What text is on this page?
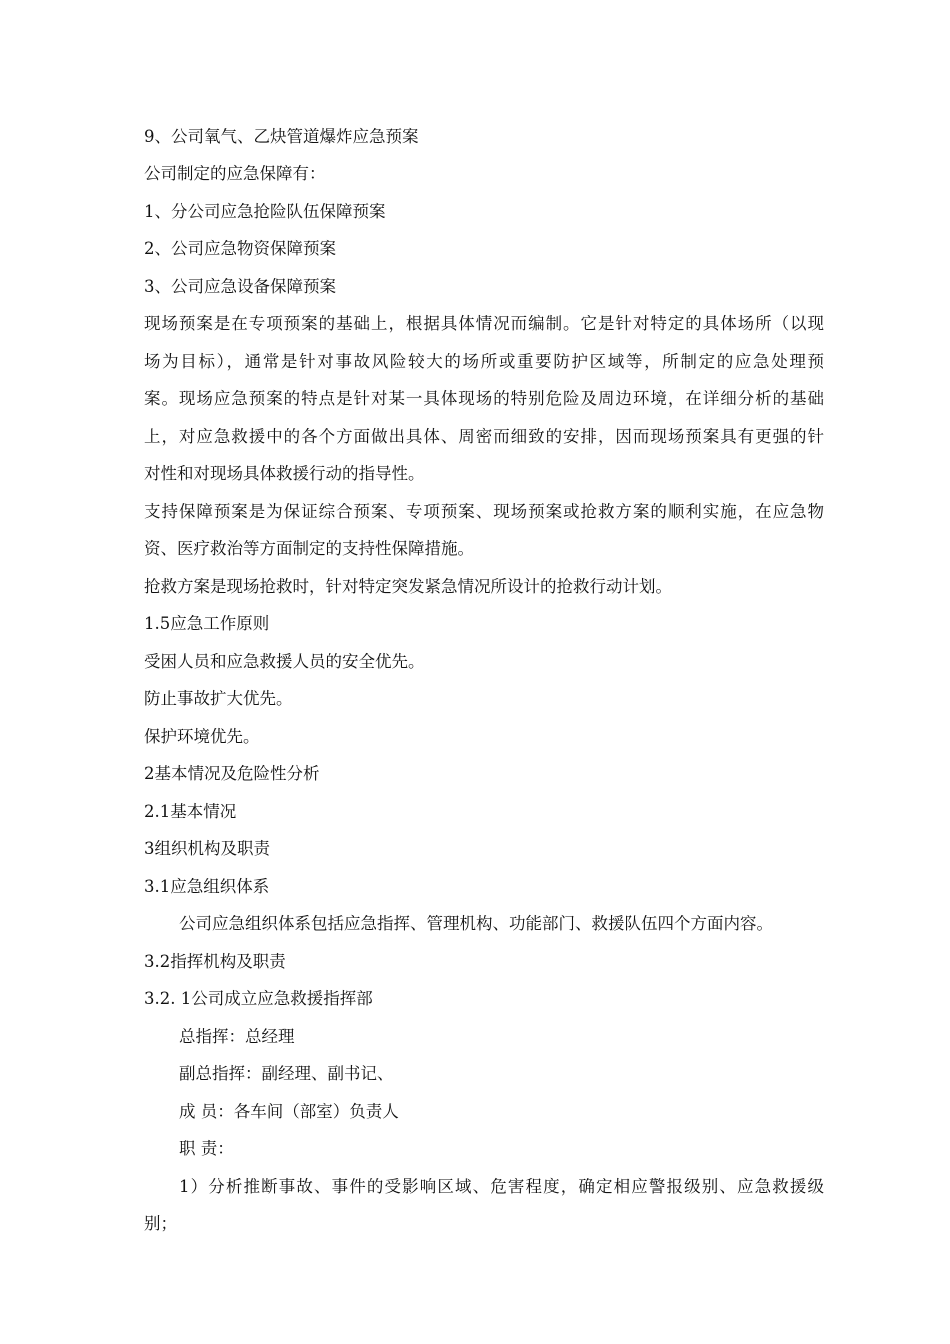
9、公司氧气、乙炔管道爆炸应急预案
公司制定的应急保障有：
1、分公司应急抢险队伍保障预案
2、公司应急物资保障预案
3、公司应急设备保障预案
现场预案是在专项预案的基础上，根据具体情况而编制。它是针对特定的具体场所（以现
场为目标），通常是针对事故风险较大的场所或重要防护区域等，所制定的应急处理预
案。现场应急预案的特点是针对某一具体现场的特别危险及周边环境，在详细分析的基础
上，对应急救援中的各个方面做出具体、周密而细致的安排，因而现场预案具有更强的针
对性和对现场具体救援行动的指导性。
支持保障预案是为保证综合预案、专项预案、现场预案或抢救方案的顺利实施，在应急物
资、医疗救治等方面制定的支持性保障措施。
抢救方案是现场抢救时，针对特定突发紧急情况所设计的抢救行动计划。
1.5应急工作原则
受困人员和应急救援人员的安全优先。
防止事故扩大优先。
保护环境优先。
2基本情况及危险性分析
2.1基本情况
3组织机构及职责
3.1应急组织体系
公司应急组织体系包括应急指挥、管理机构、功能部门、救援队伍四个方面内容。
3.2指挥机构及职责
3.2. 1公司成立应急救援指挥部
总指挥：总经理
副总指挥：副经理、副书记、
成 员：各车间（部室）负责人
职 责：
1）分析推断事故、事件的受影响区域、危害程度，确定相应警报级别、应急救援级
别；
